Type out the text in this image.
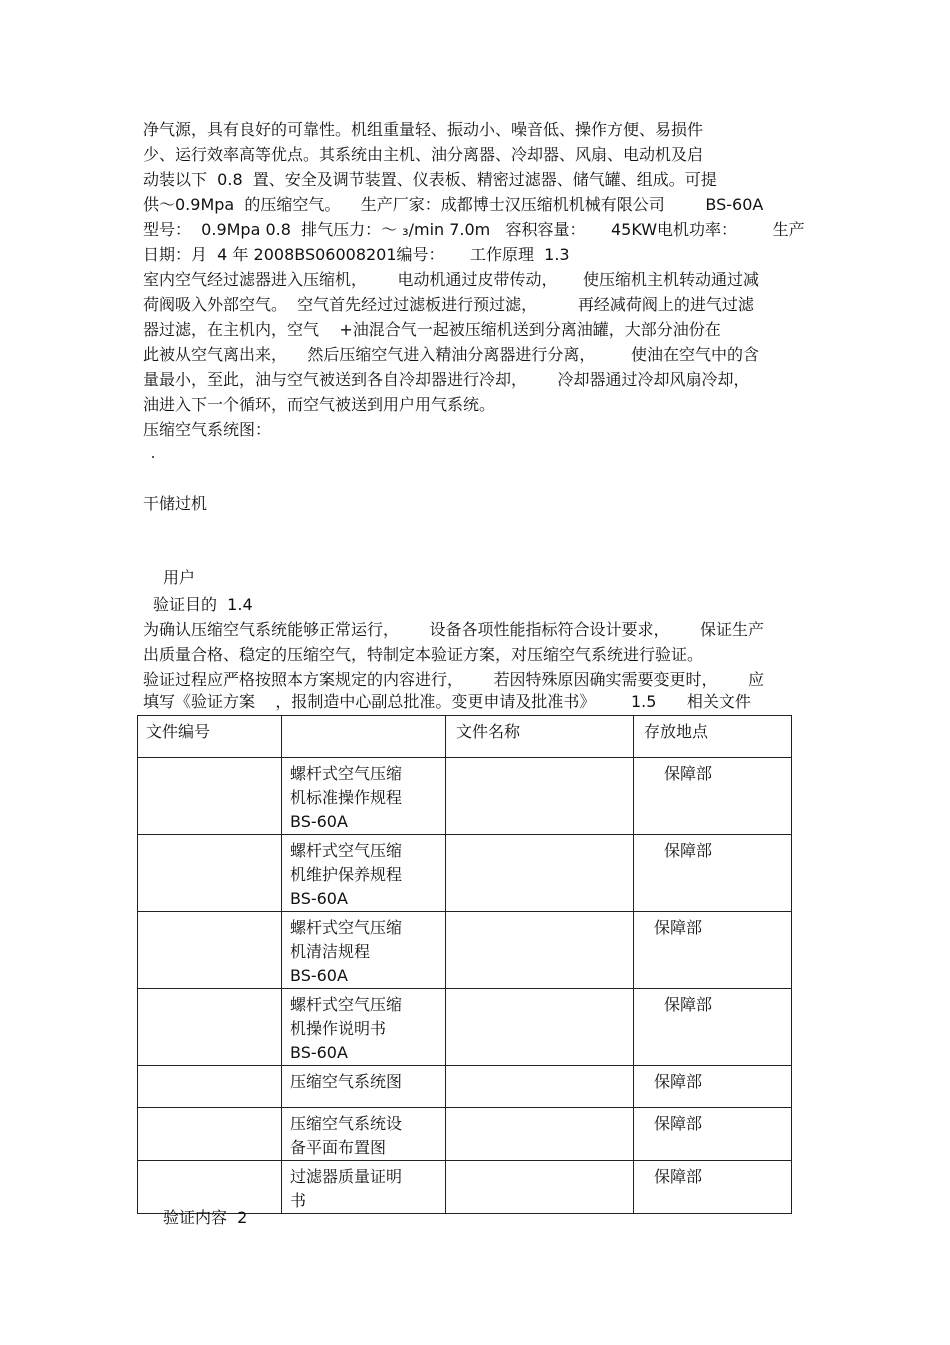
净气源，具有良好的可靠性。机组重量轻、振动小、噪音低、操作方便、易损件
少、运行效率高等优点。其系统由主机、油分离器、冷却器、风扇、电动机及启
动装以下  0.8  置、安全及调节装置、仪表板、精密过滤器、储气罐、组成。可提
供～0.9Mpa  的压缩空气。    生产厂家：成都博士汉压缩机机械有限公司        BS-60A
型号：  0.9Mpa 0.8  排气压力：～ ₃/min 7.0m   容积容量：     45KW电机功率：       生产
日期：月  4 年 2008BS06008201编号：     工作原理  1.3
室内空气经过滤器进入压缩机，      电动机通过皮带传动，     使压缩机主机转动通过减
荷阀吸入外部空气。  空气首先经过过滤板进行预过滤，        再经减荷阀上的进气过滤
器过滤，在主机内，空气    +油混合气一起被压缩机送到分离油罐，大部分油份在
此被从空气离出来，    然后压缩空气进入精油分离器进行分离，       使油在空气中的含
量最小，至此，油与空气被送到各自冷却器进行冷却，      冷却器通过冷却风扇冷却，
油进入下一个循环，而空气被送到用户用气系统。
压缩空气系统图：
干储过机
用户
验证目的  1.4
为确认压缩空气系统能够正常运行，      设备各项性能指标符合设计要求，      保证生产
出质量合格、稳定的压缩空气，特制定本验证方案，对压缩空气系统进行验证。
验证过程应严格按照本方案规定的内容进行，      若因特殊原因确实需要变更时，      应
填写《验证方案    ，报制造中心副总批准。变更申请及批准书》       1.5      相关文件
文件编号		文件名称	存放地点

	螺杆式空气压缩
机标准操作规程
BS-60A		保障部

	螺杆式空气压缩
机维护保养规程
BS-60A		保障部

	螺杆式空气压缩
机清洁规程
BS-60A		保障部

	螺杆式空气压缩
机操作说明书
BS-60A		保障部

	压缩空气系统图		保障部

	压缩空气系统设
备平面布置图		保障部

	过滤器质量证明
书		保障部
验证内容  2
